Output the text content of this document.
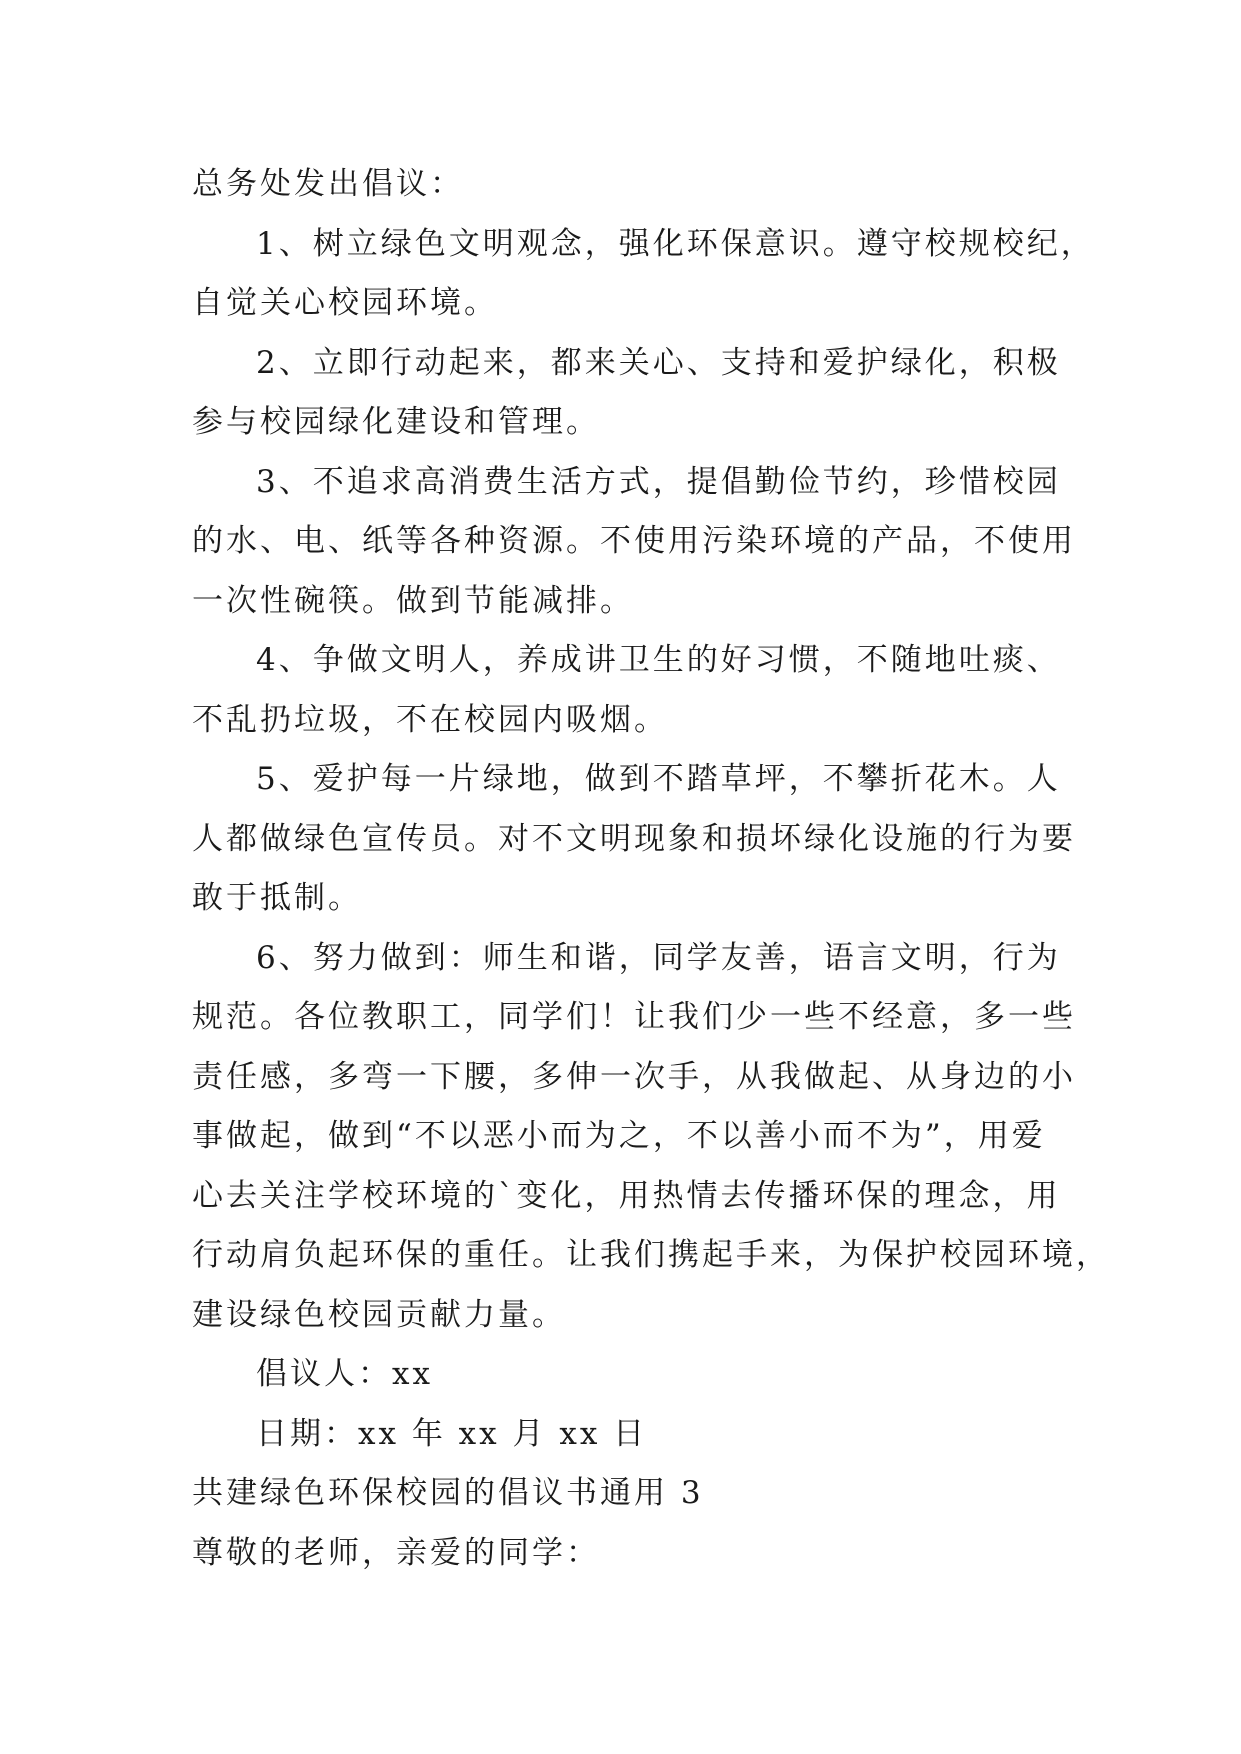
总务处发出倡议：
1、树立绿色文明观念，强化环保意识。遵守校规校纪，
自觉关心校园环境。
2、立即行动起来，都来关心、支持和爱护绿化，积极
参与校园绿化建设和管理。
3、不追求高消费生活方式，提倡勤俭节约，珍惜校园
的水、电、纸等各种资源。不使用污染环境的产品，不使用
一次性碗筷。做到节能减排。
4、争做文明人，养成讲卫生的好习惯，不随地吐痰、
不乱扔垃圾，不在校园内吸烟。
5、爱护每一片绿地，做到不踏草坪，不攀折花木。人
人都做绿色宣传员。对不文明现象和损坏绿化设施的行为要
敢于抵制。
6、努力做到：师生和谐，同学友善，语言文明，行为
规范。各位教职工，同学们！让我们少一些不经意，多一些
责任感，多弯一下腰，多伸一次手，从我做起、从身边的小
事做起，做到“不以恶小而为之，不以善小而不为”，用爱
心去关注学校环境的`变化，用热情去传播环保的理念，用
行动肩负起环保的重任。让我们携起手来，为保护校园环境，
建设绿色校园贡献力量。
倡议人：xx
日期：xx 年 xx 月 xx 日
共建绿色环保校园的倡议书通用 3
尊敬的老师，亲爱的同学：
